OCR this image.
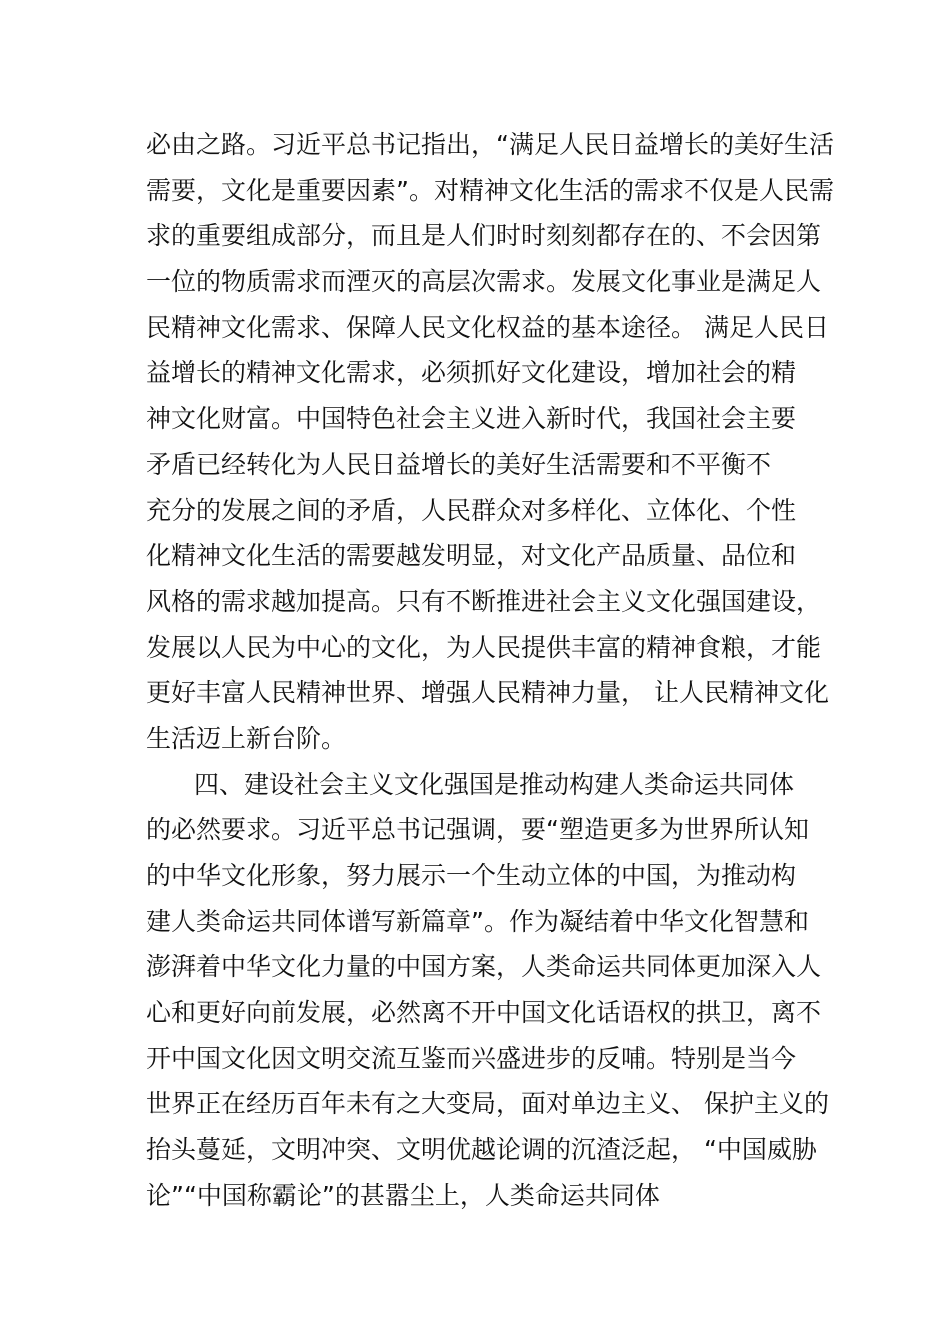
必由之路。习近平总书记指出，“满足人民日益增长的美好生活
需要，文化是重要因素”。对精神文化生活的需求不仅是人民需
求的重要组成部分，而且是人们时时刻刻都存在的、不会因第
一位的物质需求而湮灭的高层次需求。发展文化事业是满足人
民精神文化需求、保障人民文化权益的基本途径。 满足人民日
益增长的精神文化需求，必须抓好文化建设，增加社会的精
神文化财富。中国特色社会主义进入新时代，我国社会主要
矛盾已经转化为人民日益增长的美好生活需要和不平衡不
充分的发展之间的矛盾，人民群众对多样化、立体化、个性
化精神文化生活的需要越发明显，对文化产品质量、品位和
风格的需求越加提高。只有不断推进社会主义文化强国建设，
发展以人民为中心的文化，为人民提供丰富的精神食粮，才能
更好丰富人民精神世界、增强人民精神力量， 让人民精神文化
生活迈上新台阶。
四、建设社会主义文化强国是推动构建人类命运共同体
的必然要求。习近平总书记强调，要“塑造更多为世界所认知
的中华文化形象，努力展示一个生动立体的中国，为推动构
建人类命运共同体谱写新篇章”。作为凝结着中华文化智慧和
澎湃着中华文化力量的中国方案，人类命运共同体更加深入人
心和更好向前发展，必然离不开中国文化话语权的拱卫，离不
开中国文化因文明交流互鉴而兴盛进步的反哺。特别是当今
世界正在经历百年未有之大变局，面对单边主义、 保护主义的
抬头蔓延，文明冲突、文明优越论调的沉渣泛起， “中国威胁
论”“中国称霸论”的甚嚣尘上，人类命运共同体
